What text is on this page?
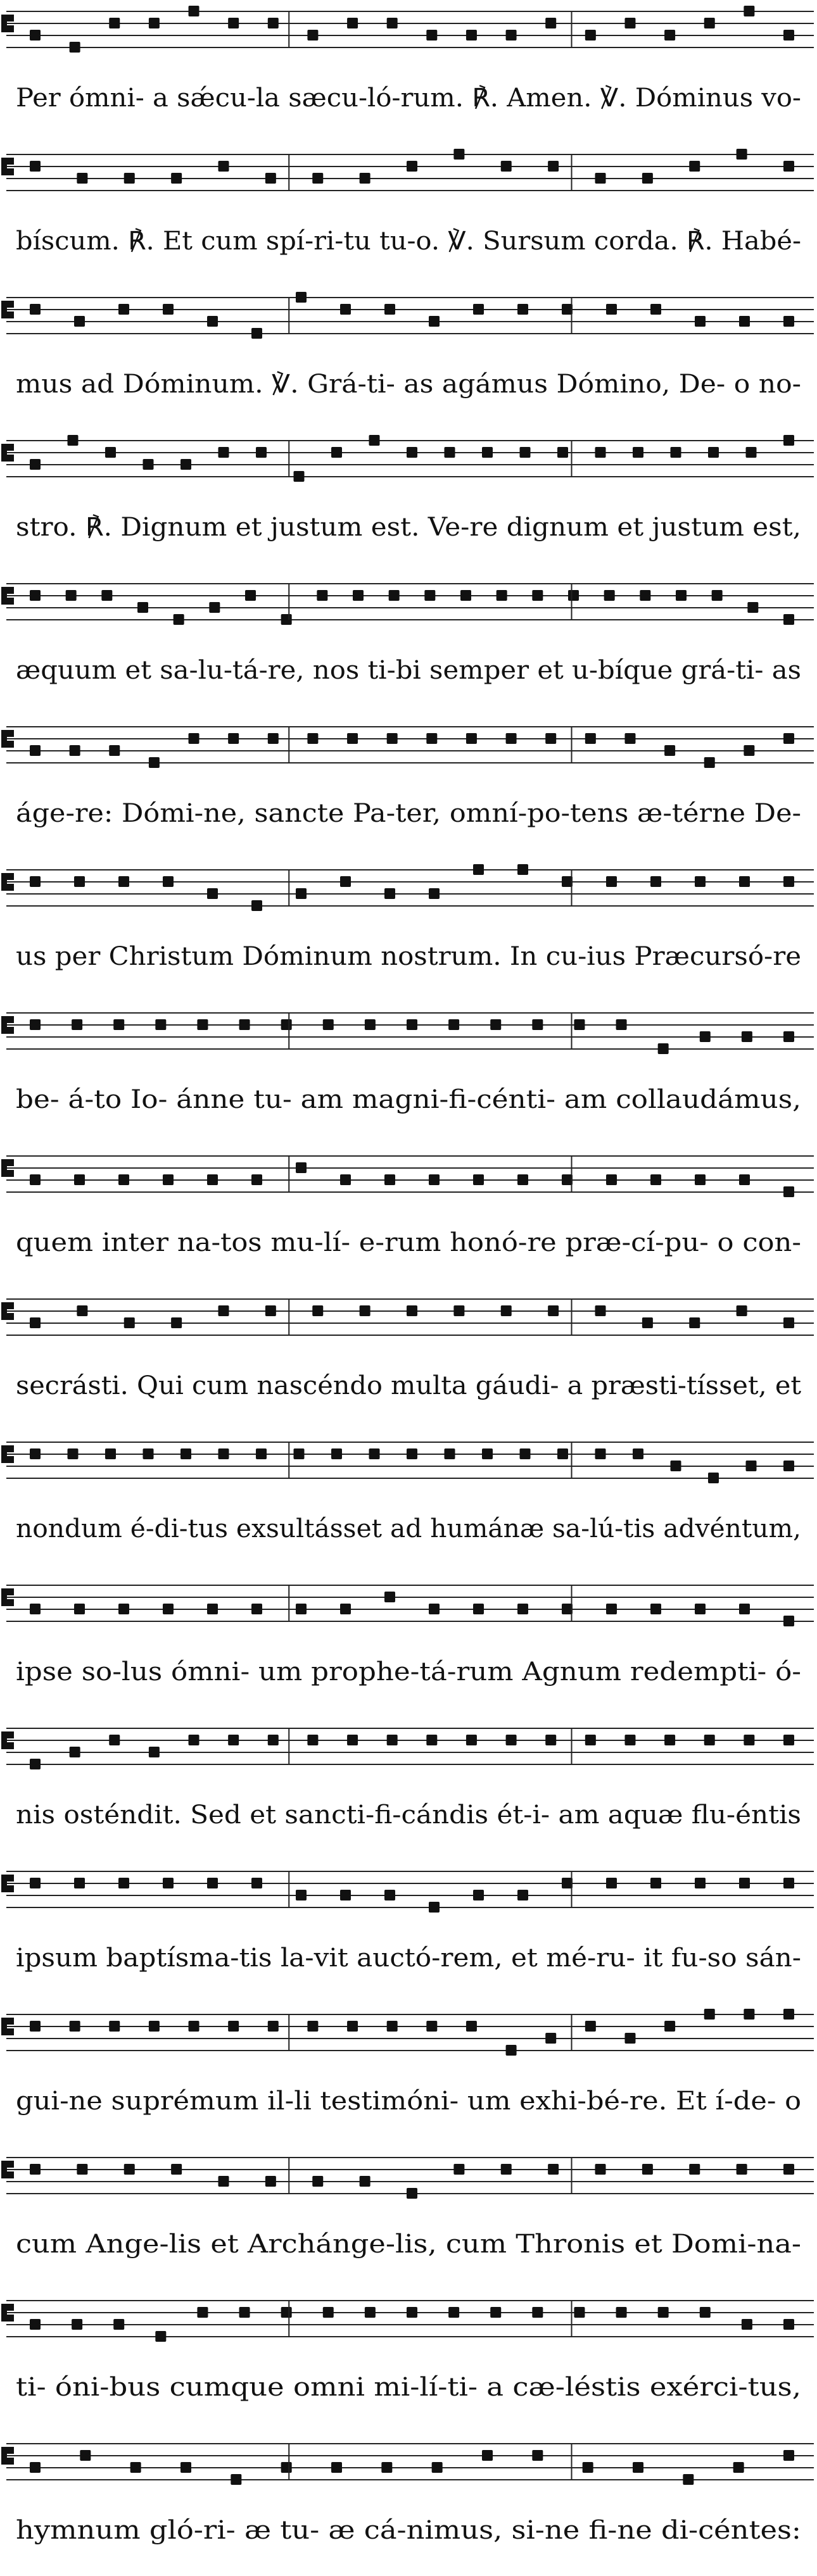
Per ómni- a sǽcu-la sæcu-ló-rum. ℟. Amen. ℣. Dóminus vo-
bíscum. ℟. Et cum spí-ri-tu tu-o. ℣. Sursum corda. ℟. Habé-
mus ad Dóminum. ℣. Grá-ti- as agámus Dómino, De- o no-
stro. ℟. Dignum et justum est. Ve-re dignum et justum est,
æquum et sa-lu-tá-re, nos ti-bi semper et u-bíque grá-ti- as
áge-re: Dómi-ne, sancte Pa-ter, omní-po-tens æ-térne De-
us per Christum Dóminum nostrum. In cu-ius Præcursó-re
be- á-to Io- ánne tu- am magni-fi-cénti- am collaudámus,
quem inter na-tos mu-lí- e-rum honó-re præ-cí-pu- o con-
secrásti. Qui cum nascéndo multa gáudi- a præsti-tísset, et
nondum é-di-tus exsultásset ad humánæ sa-lú-tis advéntum,
ipse so-lus ómni- um prophe-tá-rum Agnum redempti- ó-
nis osténdit. Sed et sancti-fi-cándis ét-i- am aquæ flu-éntis
ipsum baptísma-tis la-vit auctó-rem, et mé-ru- it fu-so sán-
gui-ne suprémum il-li testimóni- um exhi-bé-re. Et í-de- o
cum Ange-lis et Archánge-lis, cum Thronis et Domi-na-
ti- óni-bus cumque omni mi-lí-ti- a cæ-léstis exérci-tus,
hymnum gló-ri- æ tu- æ cá-nimus, si-ne fi-ne di-céntes:
